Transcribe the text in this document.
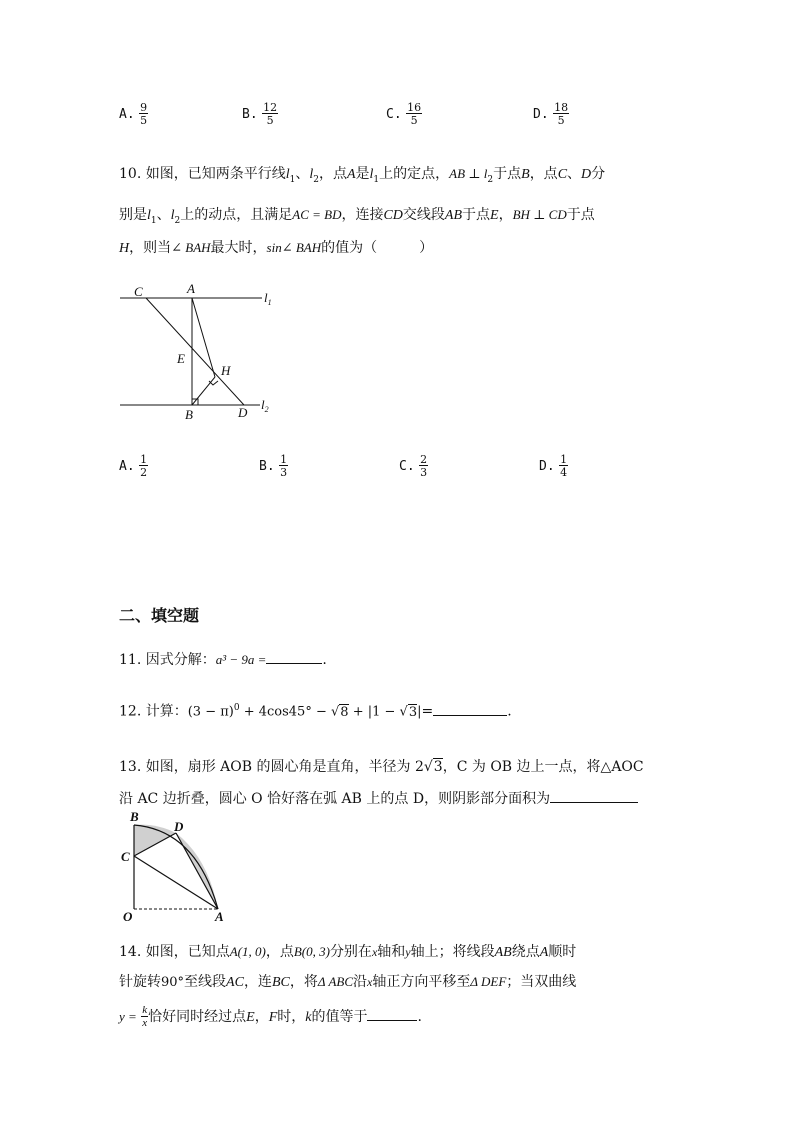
A. $\frac{9}{5}$	B. $\frac{12}{5}$	C. $\frac{16}{5}$	D. $\frac{18}{5}$
10. 如图，已知两条平行线$l_1$、$l_2$，点A是$l_1$上的定点，AB ⊥ $l_2$于点B，点C、D分
别是$l_1$、$l_2$上的动点，且满足AC = BD，连接CD交线段AB于点E，BH ⊥ CD于点
H，则当∠ BAH最大时，sin∠ BAH的值为（　　　）
C	A
$l_1$
E
H
B	D
$l_2$
A. $\frac{1}{2}$	B. $\frac{1}{3}$	C. $\frac{2}{3}$	D. $\frac{1}{4}$
二、填空题
11. 因式分解：a³ − 9a =	.
12. 计算：$(3 - \pi)^0 + 4\cos 45^\circ - √8 + |1 - √3|=$	.
13. 如图，扇形 AOB 的圆心角是直角，半径为 2√3，C 为 OB 边上一点，将△AOC
沿 AC 边折叠，圆心 O 恰好落在弧 AB 上的点 D，则阴影部分面积为
B
D
C
O	A
14. 如图，已知点A(1, 0)，点B(0, 3)分别在x轴和y轴上；将线段AB绕点A顺时
针旋转90°至线段AC，连BC，将Δ ABC沿x轴正方向平移至Δ DEF；当双曲线
$y = \frac{k}{x}$ 恰好同时经过点E，F时，k的值等于	.
